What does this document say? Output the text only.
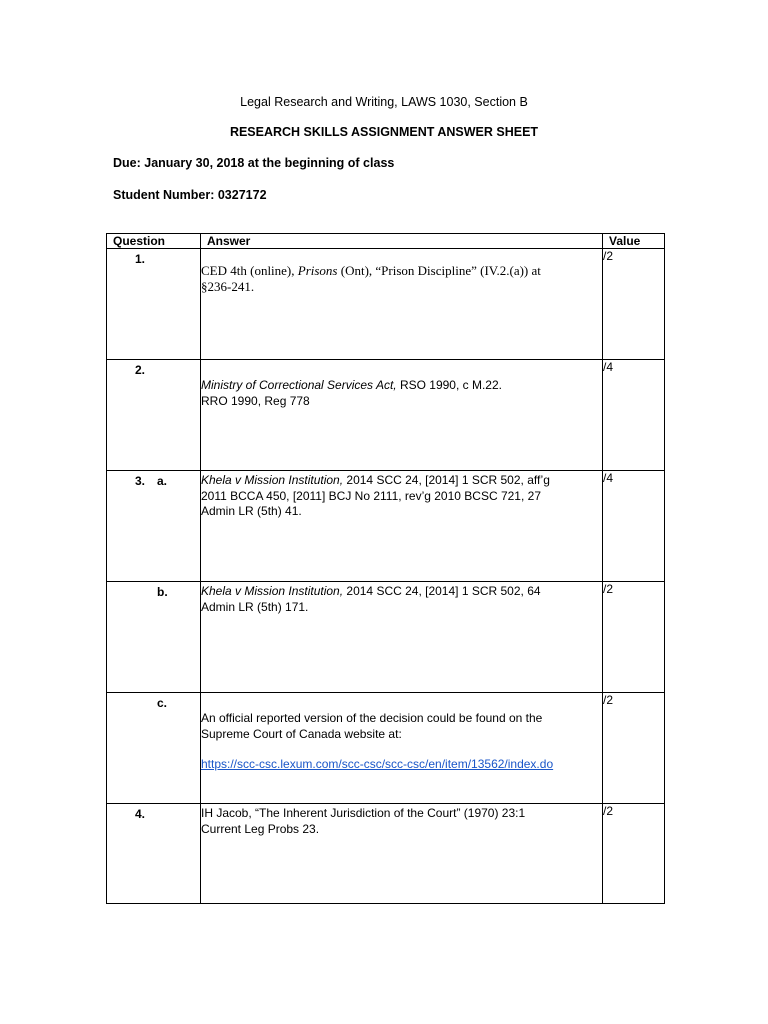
Legal Research and Writing, LAWS 1030, Section B
RESEARCH SKILLS ASSIGNMENT ANSWER SHEET
Due: January 30, 2018 at the beginning of class
Student Number: 0327172
Question	Answer	Value

1.	CED 4th (online), Prisons (Ont), “Prison Discipline” (IV.2.(a)) at
§236-241.	/2

2.	Ministry of Correctional Services Act, RSO 1990, c M.22.
RRO 1990, Reg 778	/4

3. a.	Khela v Mission Institution, 2014 SCC 24, [2014] 1 SCR 502, aff’g
2011 BCCA 450, [2011] BCJ No 2111, rev’g 2010 BCSC 721, 27
Admin LR (5th) 41.	/4

b.	Khela v Mission Institution, 2014 SCC 24, [2014] 1 SCR 502, 64
Admin LR (5th) 171.	/2

c.	An official reported version of the decision could be found on the
Supreme Court of Canada website at:
https://scc-csc.lexum.com/scc-csc/scc-csc/en/item/13562/index.do	/2

4.	IH Jacob, “The Inherent Jurisdiction of the Court” (1970) 23:1
Current Leg Probs 23.	/2
